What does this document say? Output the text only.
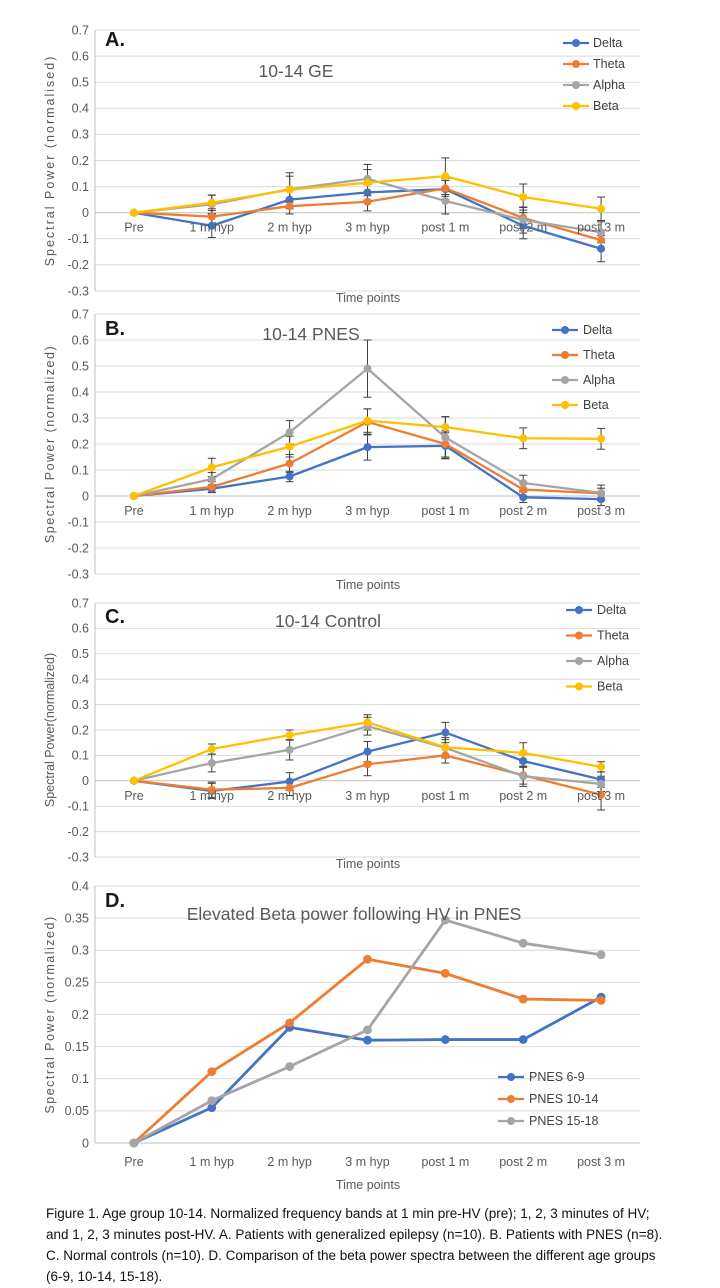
0.7
0.6
0.5
0.4
0.3
0.2
0.1
0
-0.1
-0.2
-0.3
Pre	1 m hyp	2 m hyp	3 m hyp	post 1 m post 2 m post 3 m
Time points
Spectral Power (normalised)
A.
10-14 GE
Delta
Theta
Alpha
Beta
0.7
0.6
0.5
0.4
0.3
0.2
0.1
0
-0.1
-0.2
-0.3
Pre	1 m hyp	2 m hyp	3 m hyp	post 1 m post 2 m post 3 m
Time points
Spectral Power (normalized)
B.	10-14 PNES	Delta
Theta
Alpha
Beta
0.7
0.6
0.5
0.4
0.3
0.2
0.1
0
-0.1
-0.2
-0.3
Pre	1 m hyp	2 m hyp	3 m hyp	post 1 m post 2 m post 3 m
Time points
Spectral Power(normalized)
C.	10-14 Control
Delta
Theta
Alpha
Beta
0.4
0.35
0.3
0.25
0.2
0.15
0.1
0.05
0
Pre	1 m hyp	2 m hyp	3 m hyp	post 1 m post 2 m post 3 m
Time points
Spectral Power (normalized)
D.
Elevated Beta power following HV in PNES
PNES 6-9
PNES 10-14
PNES 15-18

Figure 1. Age group 10-14. Normalized frequency bands at 1 min pre-HV (pre); 1, 2, 3 minutes of HV; and 1, 2, 3 minutes post-HV. A. Patients with generalized epilepsy (n=10). B. Patients with PNES (n=8). C. Normal controls (n=10). D. Comparison of the beta power spectra between the different age groups (6-9, 10-14, 15-18).
